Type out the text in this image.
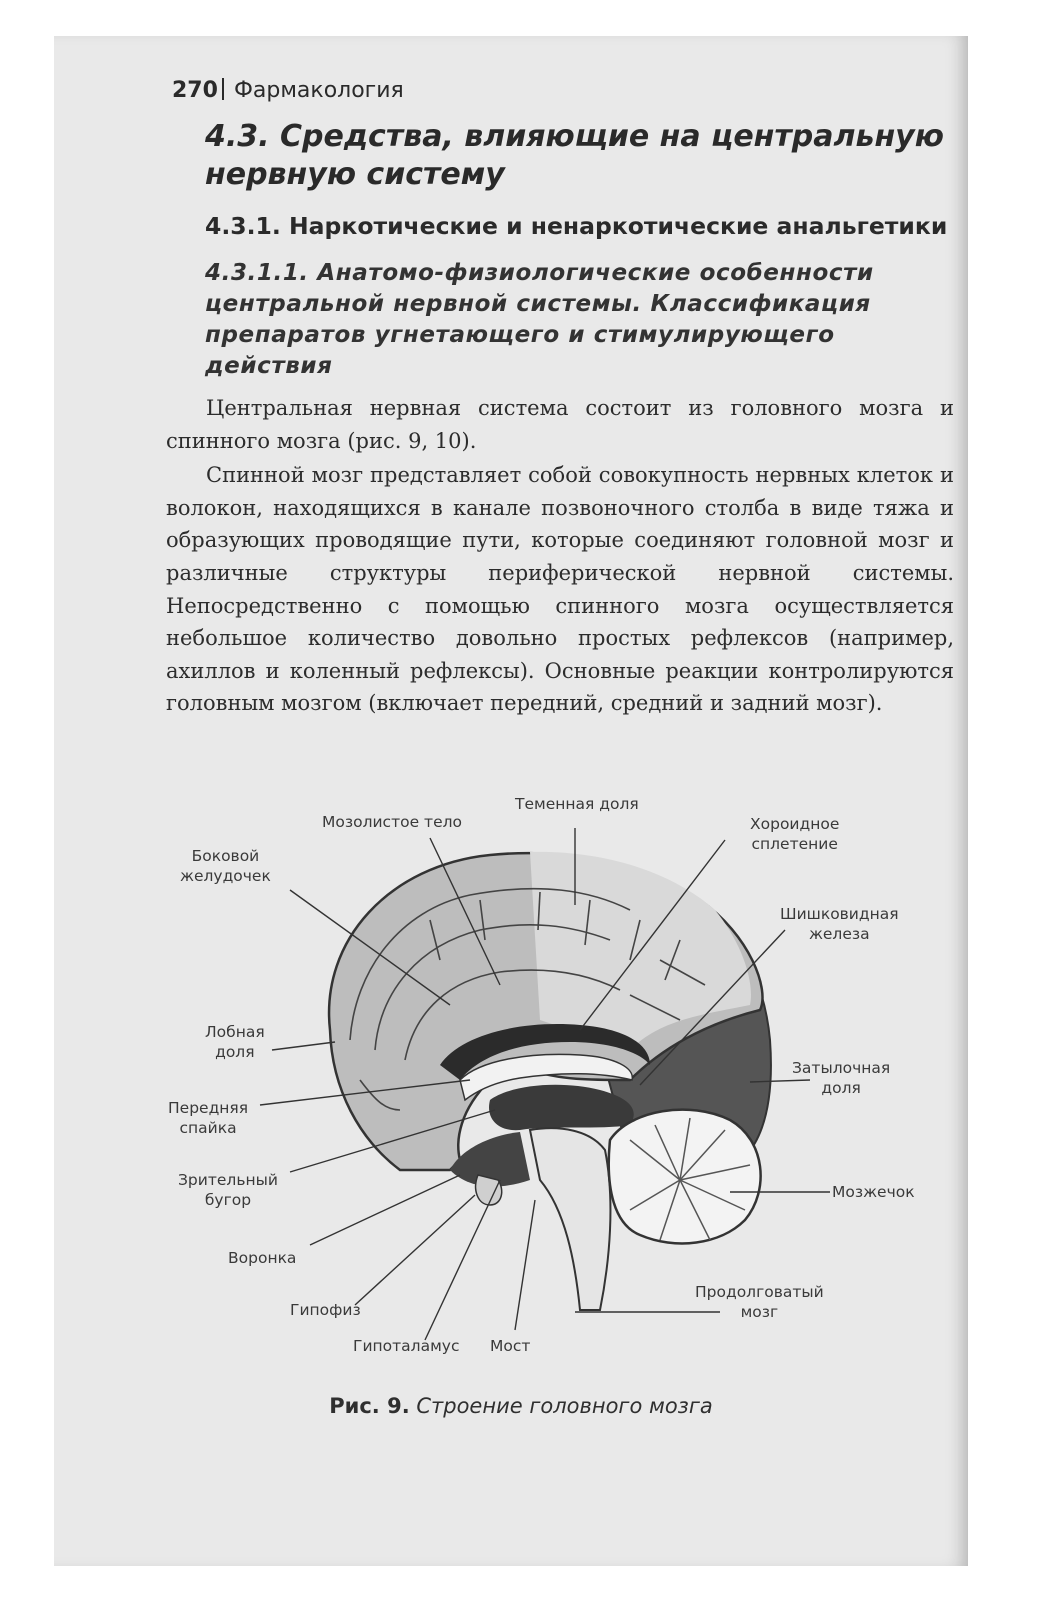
270 Фармакология
4.3. Средства, влияющие на центральную нервную систему
4.3.1. Наркотические и ненаркотические анальгетики
4.3.1.1. Анатомо-физиологические особенности центральной нервной системы. Классификация препаратов угнетающего и стимулирующего действия

Центральная нервная система состоит из головного мозга и спинного мозга (рис. 9, 10).

Спинной мозг представляет собой совокупность нервных клеток и волокон, находящихся в канале позвоночного столба в виде тяжа и образующих проводящие пути, которые соединяют головной мозг и различные структуры периферической нервной системы. Непосредственно с помощью спинного мозга осуществляется небольшое количество довольно простых рефлексов (например, ахиллов и коленный рефлексы). Основные реакции контролируются головным мозгом (включает передний, средний и задний мозг).

Теменная доля
Мозолистое тело	Хороидное
сплетение
Боковой
желудочек
Шишковидная
железа
Лобная
доля
Затылочная
доля
Передняя
спайка
Зрительный
бугор	Мозжечок
Воронка
Продолговатый
мозг
Гипофиз
Гипоталамус Мост
Рис. 9. Строение головного мозга
